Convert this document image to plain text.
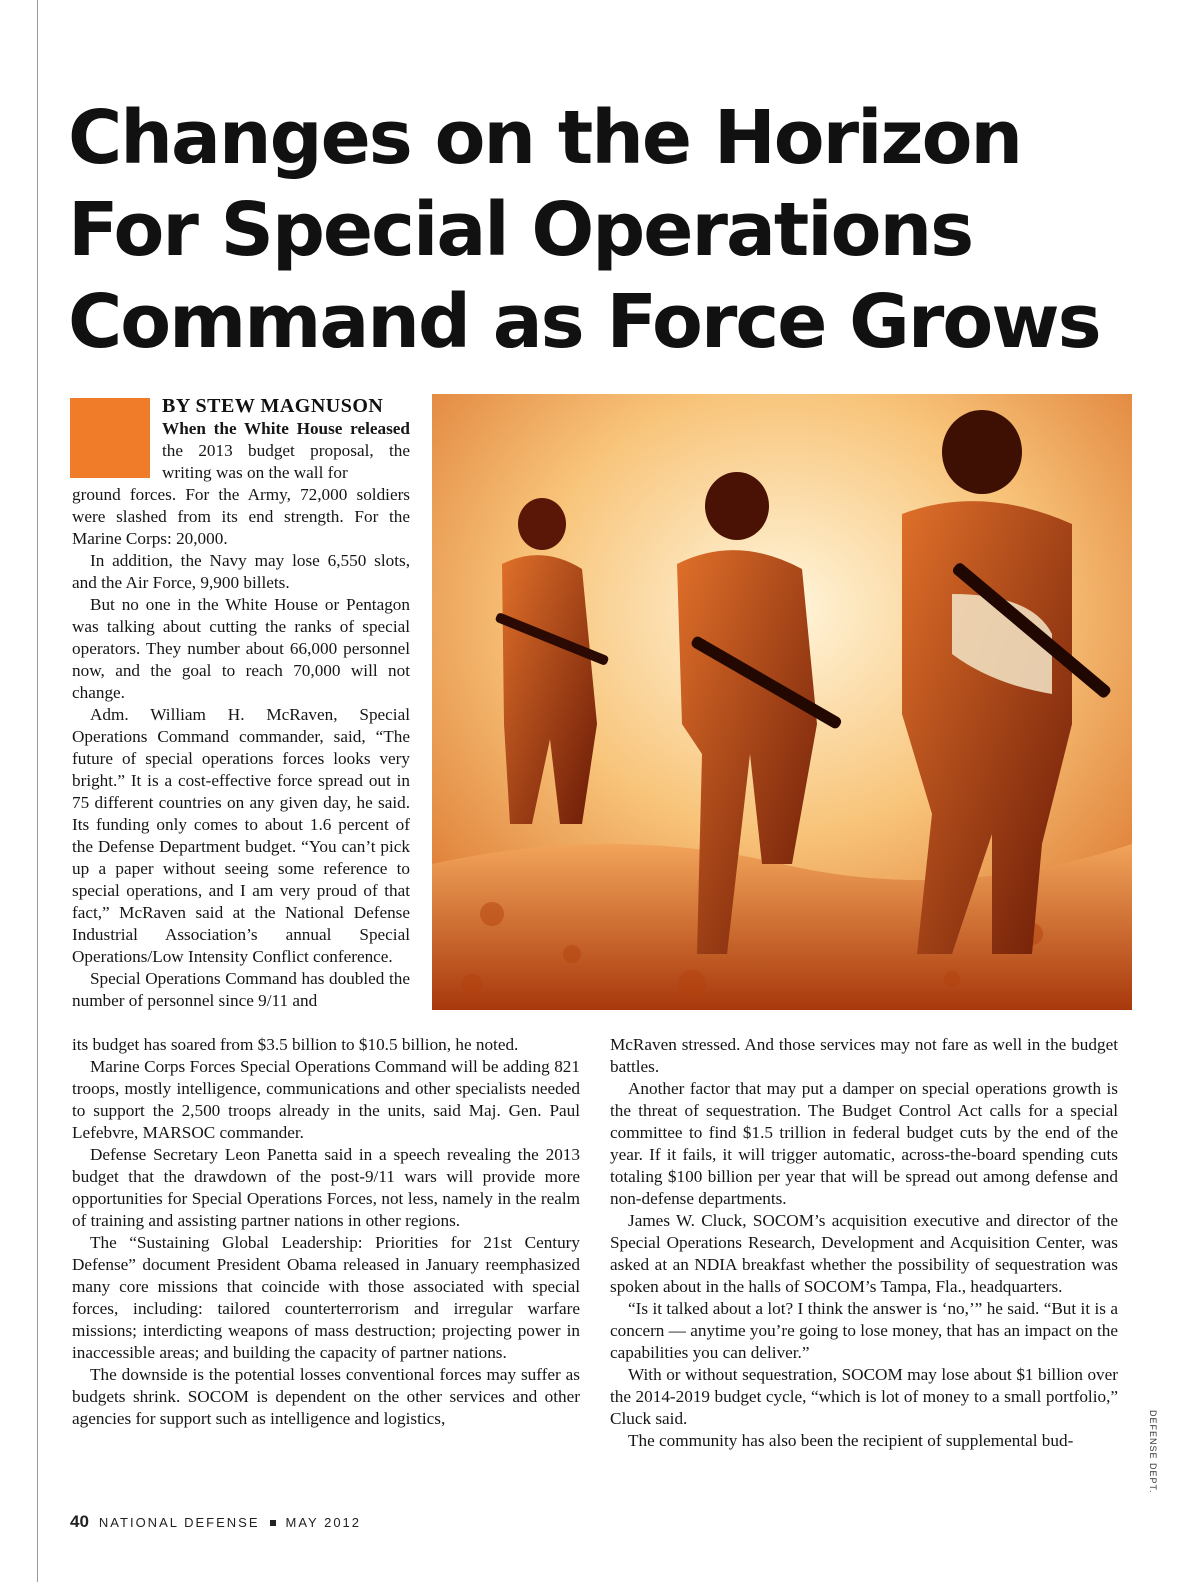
Changes on the Horizon
For Special Operations
Command as Force Grows
BY STEW MAGNUSON

When the White House released the 2013 budget proposal, the writing was on the wall for

ground forces. For the Army, 72,000 soldiers were slashed from its end strength. For the Marine Corps: 20,000.

In addition, the Navy may lose 6,550 slots, and the Air Force, 9,900 billets.

But no one in the White House or Pentagon was talking about cutting the ranks of special operators. They number about 66,000 personnel now, and the goal to reach 70,000 will not change.

Adm. William H. McRaven, Special Operations Command commander, said, “The future of special operations forces looks very bright.” It is a cost-effective force spread out in 75 different countries on any given day, he said. Its funding only comes to about 1.6 percent of the Defense Department budget. “You can’t pick up a paper without seeing some reference to special operations, and I am very proud of that fact,” McRaven said at the National Defense Industrial Association’s annual Special Operations/Low Intensity Conflict conference.

Special Operations Command has doubled the number of personnel since 9/11 and

DEFENSE DEPT.

its budget has soared from $3.5 billion to $10.5 billion, he noted.

Marine Corps Forces Special Operations Command will be adding 821 troops, mostly intelligence, communications and other specialists needed to support the 2,500 troops already in the units, said Maj. Gen. Paul Lefebvre, MARSOC commander.

Defense Secretary Leon Panetta said in a speech revealing the 2013 budget that the drawdown of the post-9/11 wars will provide more opportunities for Special Operations Forces, not less, namely in the realm of training and assisting partner nations in other regions.

The “Sustaining Global Leadership: Priorities for 21st Century Defense” document President Obama released in January reemphasized many core missions that coincide with those associated with special forces, including: tailored counterterrorism and irregular warfare missions; interdicting weapons of mass destruction; projecting power in inaccessible areas; and building the capacity of partner nations.

The downside is the potential losses conventional forces may suffer as budgets shrink. SOCOM is dependent on the other services and other agencies for support such as intelligence and logistics,

McRaven stressed. And those services may not fare as well in the budget battles.

Another factor that may put a damper on special operations growth is the threat of sequestration. The Budget Control Act calls for a special committee to find $1.5 trillion in federal budget cuts by the end of the year. If it fails, it will trigger automatic, across-the-board spending cuts totaling $100 billion per year that will be spread out among defense and non-defense departments.

James W. Cluck, SOCOM’s acquisition executive and director of the Special Operations Research, Development and Acquisition Center, was asked at an NDIA breakfast whether the possibility of sequestration was spoken about in the halls of SOCOM’s Tampa, Fla., headquarters.

“Is it talked about a lot? I think the answer is ‘no,’” he said. “But it is a concern — anytime you’re going to lose money, that has an impact on the capabilities you can deliver.”

With or without sequestration, SOCOM may lose about $1 billion over the 2014-2019 budget cycle, “which is lot of money to a small portfolio,” Cluck said.

The community has also been the recipient of supplemental bud-

40 NATIONAL DEFENSE MAY 2012
